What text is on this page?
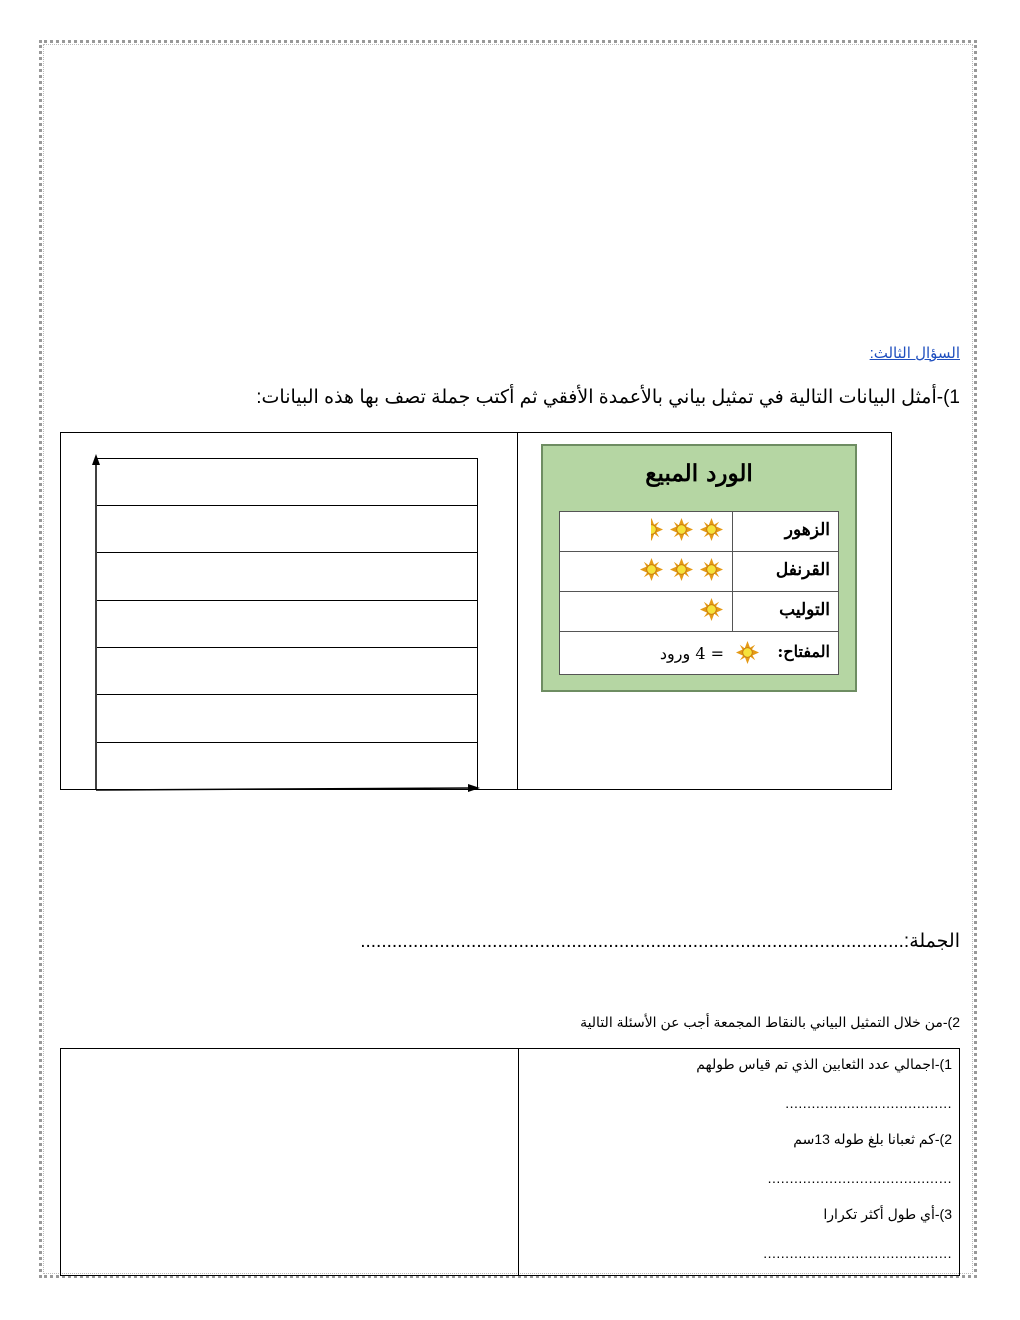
السؤال الثالث:
1)-أمثل البيانات التالية في تمثيل بياني بالأعمدة الأفقي ثم أكتب جملة تصف بها هذه البيانات:
الورد المبيع
الزهور
القرنفل
التوليب
المفتاح:
= 4 ورود
الجملة:.......................................................................................................
2)-من خلال التمثيل البياني بالنقاط المجمعة أجب عن الأسئلة التالية
1)-اجمالي عدد الثعابين الذي تم قياس طولهم
......................................
2)-كم ثعبانا بلغ طوله 13سم
..........................................
3)-أي طول أكثر تكرارا
...........................................
